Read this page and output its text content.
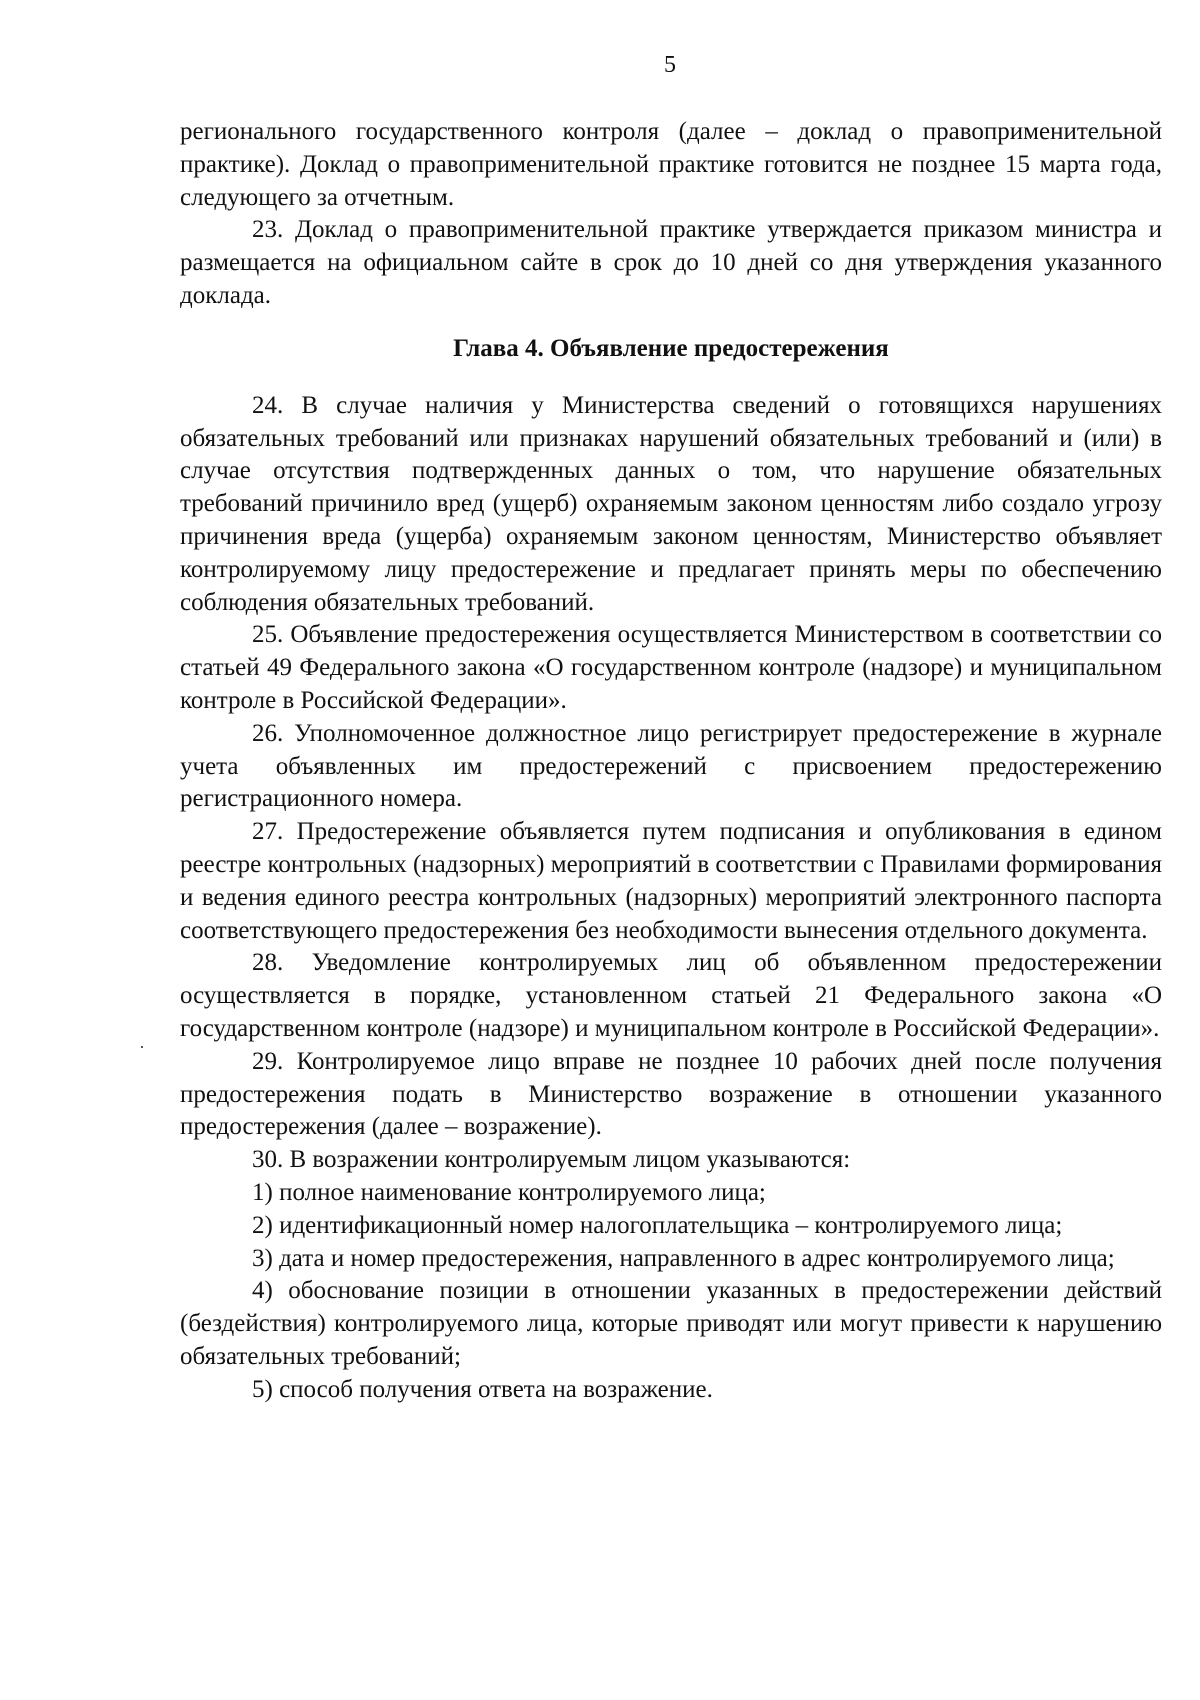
5

регионального государственного контроля (далее – доклад о правоприменительной практике). Доклад о правоприменительной практике готовится не позднее 15 марта года, следующего за отчетным.

23. Доклад о правоприменительной практике утверждается приказом министра и размещается на официальном сайте в срок до 10 дней со дня утверждения указанного доклада.

Глава 4. Объявление предостережения

24. В случае наличия у Министерства сведений о готовящихся нарушениях обязательных требований или признаках нарушений обязательных требований и (или) в случае отсутствия подтвержденных данных о том, что нарушение обязательных требований причинило вред (ущерб) охраняемым законом ценностям либо создало угрозу причинения вреда (ущерба) охраняемым законом ценностям, Министерство объявляет контролируемому лицу предостережение и предлагает принять меры по обеспечению соблюдения обязательных требований.

25. Объявление предостережения осуществляется Министерством в соответствии со статьей 49 Федерального закона «О государственном контроле (надзоре) и муниципальном контроле в Российской Федерации».

26. Уполномоченное должностное лицо регистрирует предостережение в журнале учета объявленных им предостережений с присвоением предостережению регистрационного номера.

27. Предостережение объявляется путем подписания и опубликования в едином реестре контрольных (надзорных) мероприятий в соответствии с Правилами формирования и ведения единого реестра контрольных (надзорных) мероприятий электронного паспорта соответствующего предостережения без необходимости вынесения отдельного документа.

28. Уведомление контролируемых лиц об объявленном предостережении осуществляется в порядке, установленном статьей 21 Федерального закона «О государственном контроле (надзоре) и муниципальном контроле в Российской Федерации».

29. Контролируемое лицо вправе не позднее 10 рабочих дней после получения предостережения подать в Министерство возражение в отношении указанного предостережения (далее – возражение).

30. В возражении контролируемым лицом указываются:

1) полное наименование контролируемого лица;

2) идентификационный номер налогоплательщика – контролируемого лица;

3) дата и номер предостережения, направленного в адрес контролируемого лица;

4) обоснование позиции в отношении указанных в предостережении действий (бездействия) контролируемого лица, которые приводят или могут привести к нарушению обязательных требований;

5) способ получения ответа на возражение.
